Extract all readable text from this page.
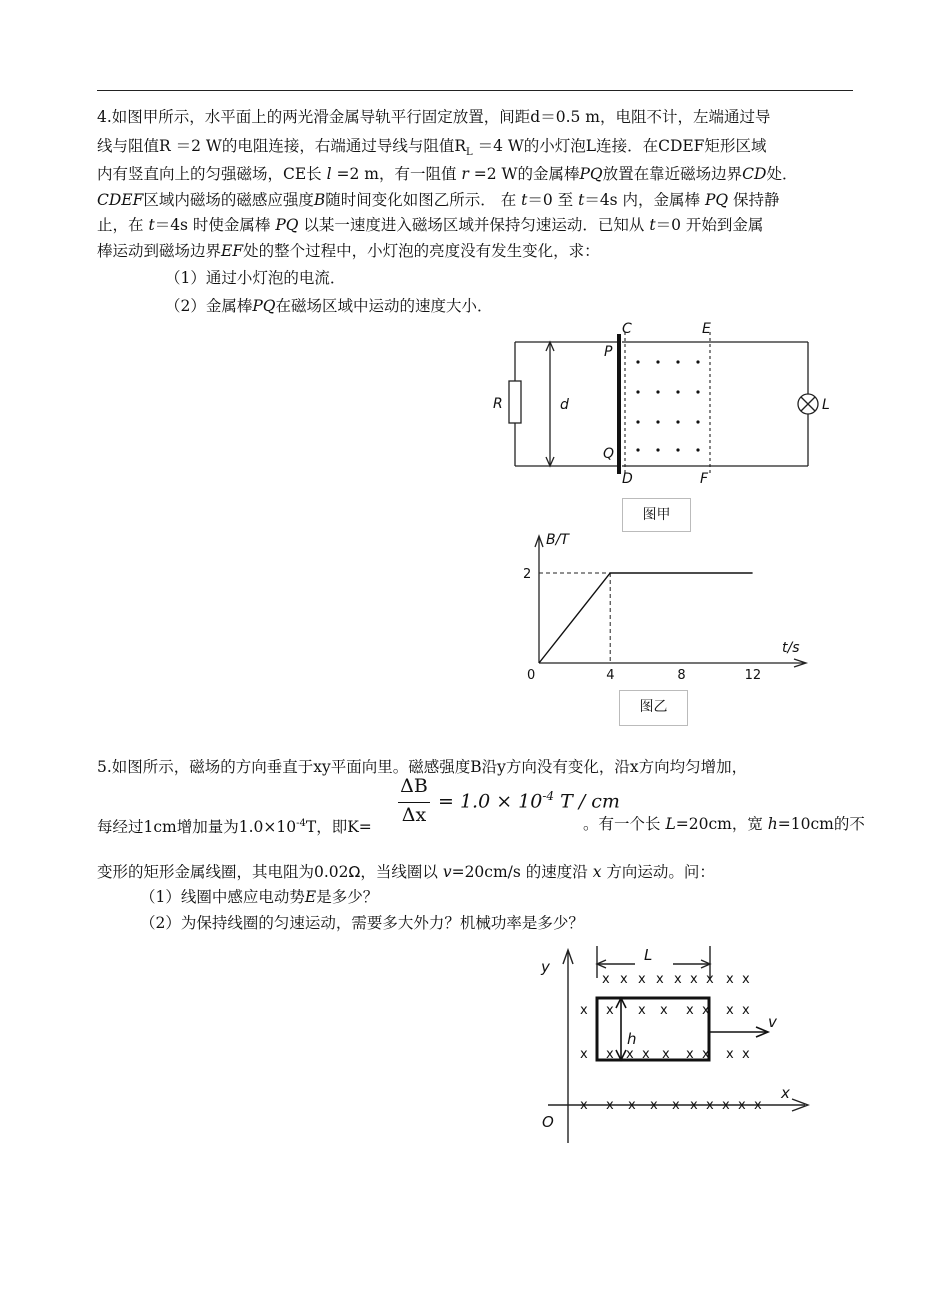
4.如图甲所示，水平面上的两光滑金属导轨平行固定放置，间距d＝0.5 m，电阻不计，左端通过导
线与阻值R ＝2 W的电阻连接，右端通过导线与阻值$R_L =4$ W的小灯泡L连接．在CDEF矩形区域
内有竖直向上的匀强磁场，CE长 l =2 m，有一阻值 r =2 W的金属棒PQ放置在靠近磁场边界CD处．
CDEF区域内磁场的磁感应强度B随时间变化如图乙所示． 在 t＝0 至 t＝4s 内，金属棒 PQ 保持静
止，在 t＝4s 时使金属棒 PQ 以某一速度进入磁场区域并保持匀速运动．已知从 t＝0 开始到金属
棒运动到磁场边界EF处的整个过程中，小灯泡的亮度没有发生变化，求：
（1）通过小灯泡的电流．
（2）金属棒PQ在磁场区域中运动的速度大小．
C	E
P
Q
D	F
R	L
d
图甲
0	4	8	12
2
B/T
t/s
图乙
5.如图所示，磁场的方向垂直于xy平面向里。磁感强度B沿y方向没有变化，沿x方向均匀增加，
ΔB
Δx
= $1.0 \times 10^{-4}$ T / cm
每经过1cm增加量为$1.0\times 10^{-4}T$，即K=	。有一个长 L=20cm，宽 h=10cm的不
变形的矩形金属线圈，其电阻为0.02Ω，当线圈以 v=20cm/s 的速度沿 x 方向运动。问：
（1）线圈中感应电动势E是多少？
（2）为保持线圈的匀速运动，需要多大外力？机械功率是多少？
x x x x x x x x x
x x x x x x x x
x x x x x x x x x
x x x x x x x x x x
y
x
O
L
v
h
